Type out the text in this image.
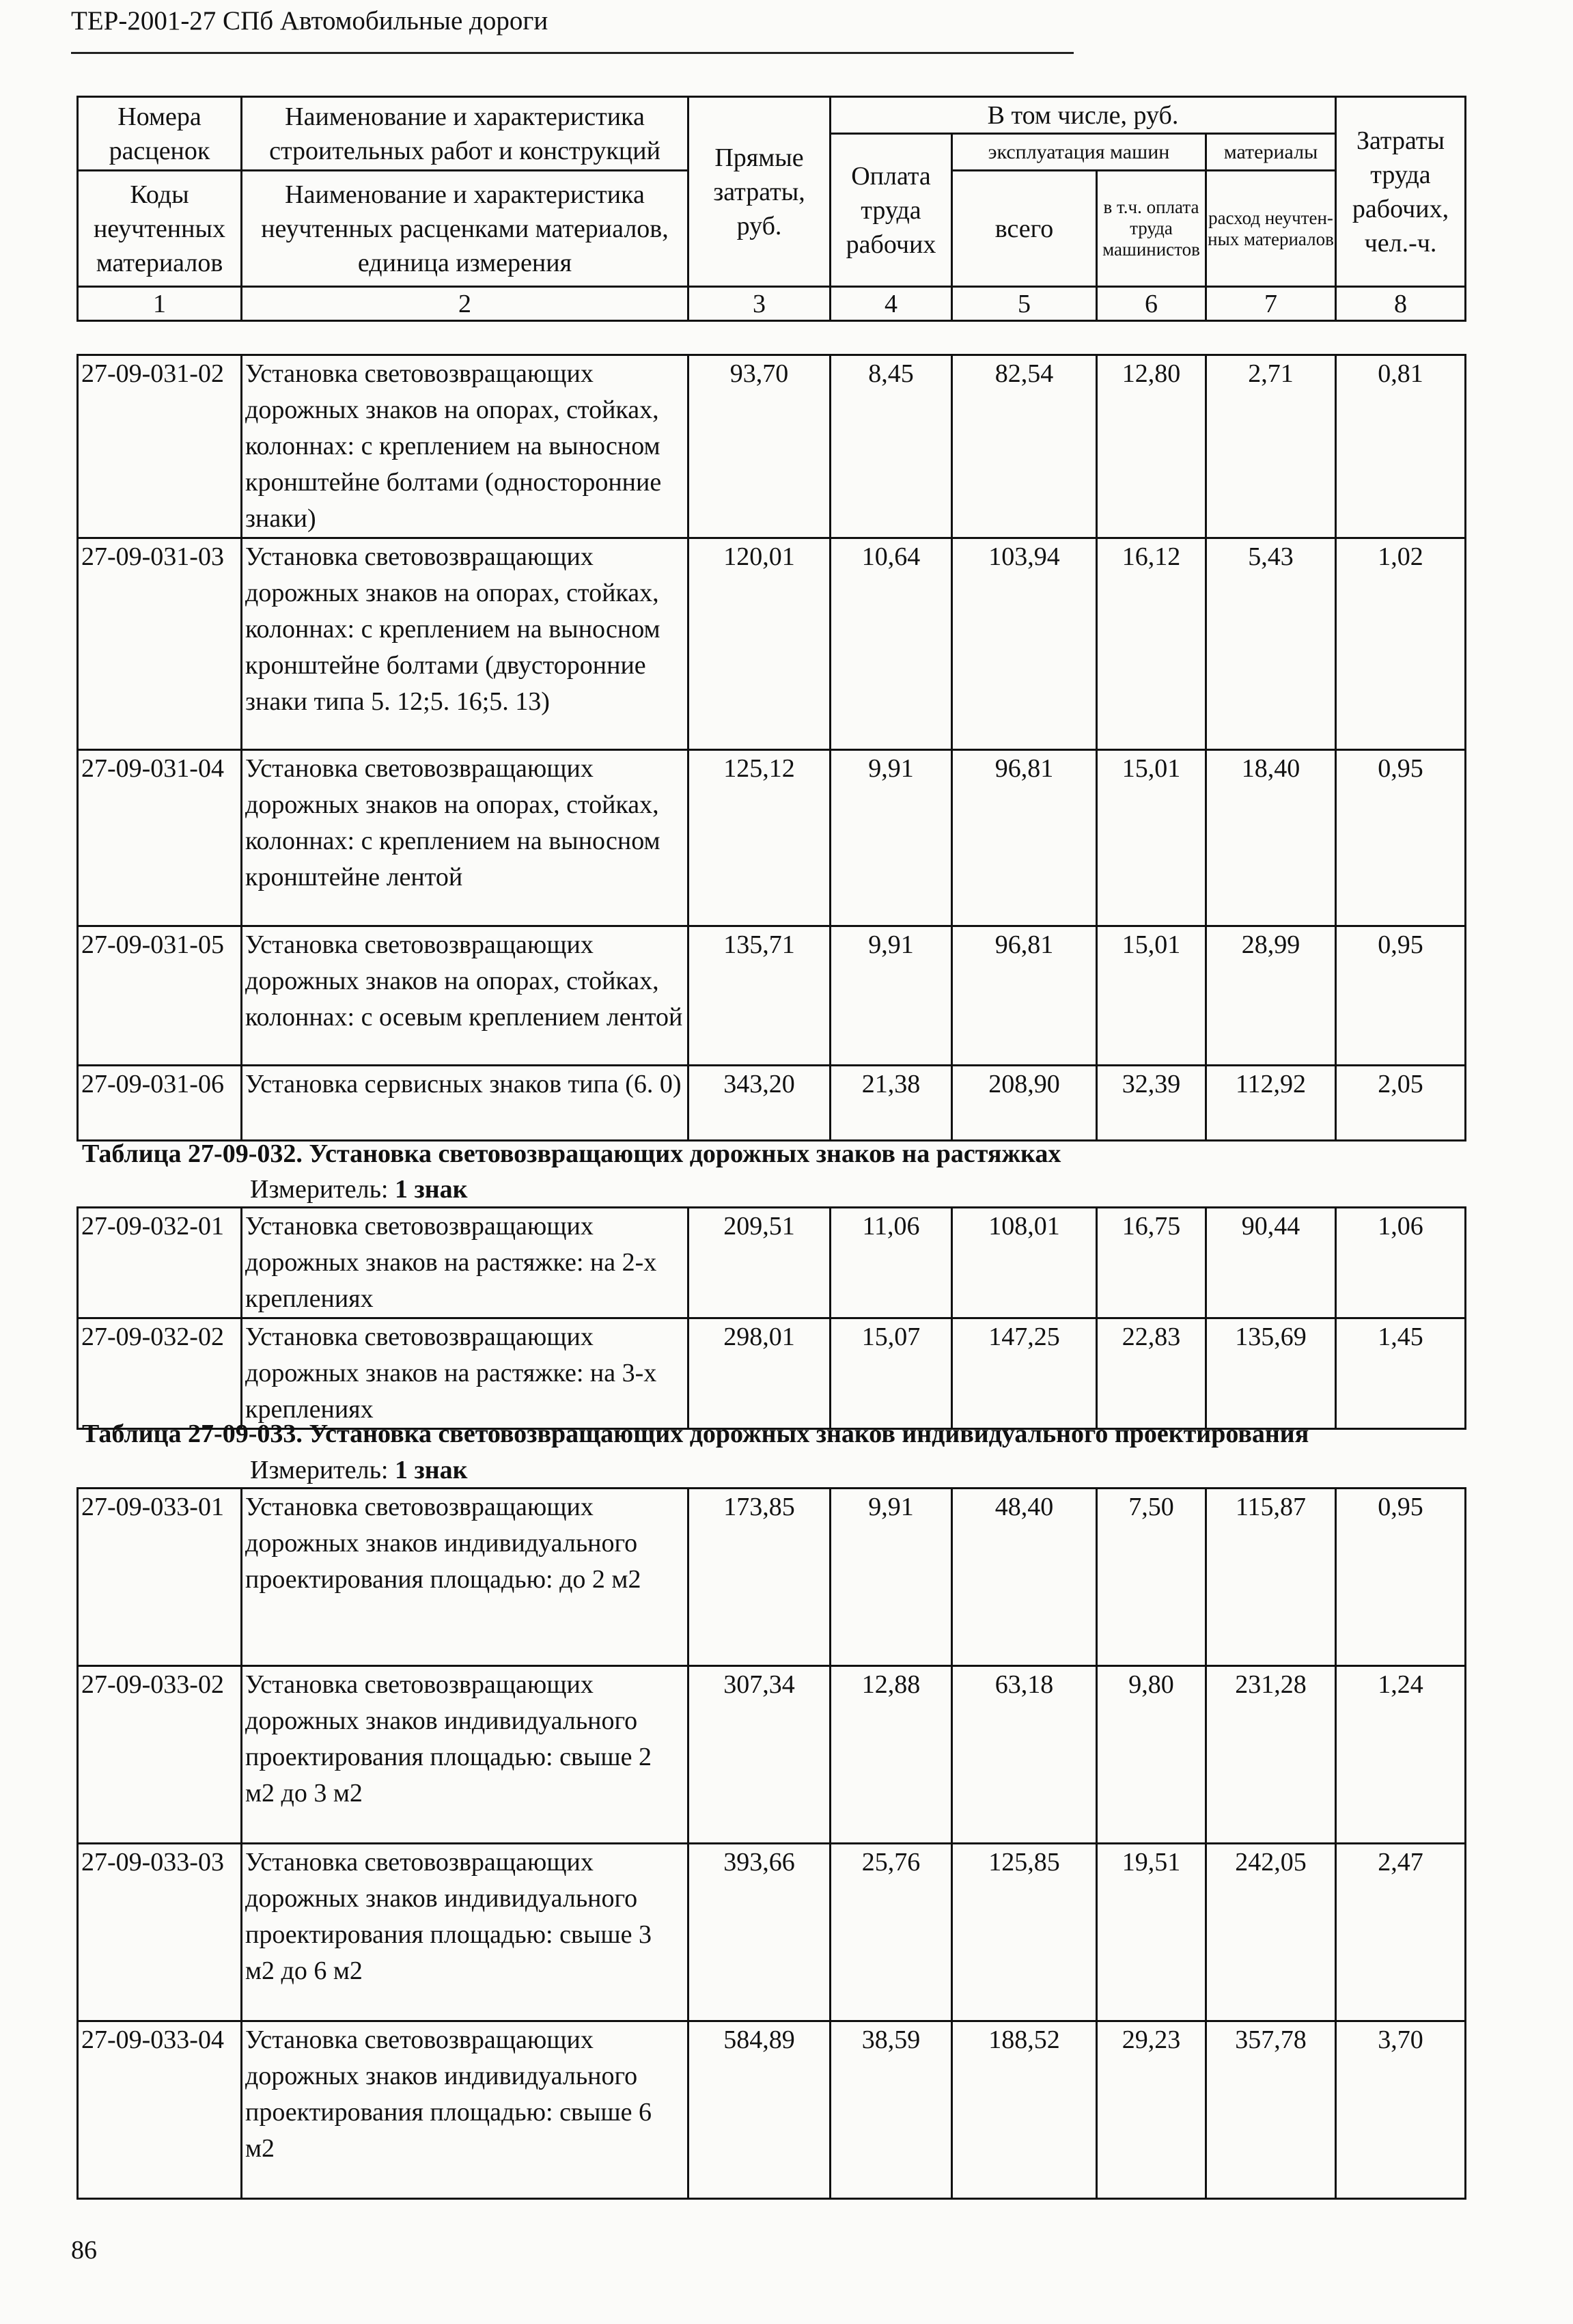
ТЕР-2001-27 СПб Автомобильные дороги
Номера расценок	Наименование и характеристика строительных работ и конструкций	Прямые затраты, руб.	В том числе, руб.				Затраты труда рабочих, чел.-ч.
			Оплата труда рабочих	эксплуатация машин		материалы	
Коды неучтенных материалов	Наименование и характеристика неучтенных расценками материалов, единица измерения			всего	в т.ч. оплата труда машинистов	расход неучтен-ных материалов	

1	2	3	4	5	6	7	8
27-09-031-02	Установка световозвращающих дорожных знаков на опорах, стойках, колоннах: с креплением на выносном кронштейне болтами (односторонние знаки)	93,70	8,45	82,54	12,80	2,71	0,81
27-09-031-03	Установка световозвращающих дорожных знаков на опорах, стойках, колоннах: с креплением на выносном кронштейне болтами (двусторонние знаки типа 5. 12;5. 16;5. 13)	120,01	10,64	103,94	16,12	5,43	1,02
27-09-031-04	Установка световозвращающих дорожных знаков на опорах, стойках, колоннах: с креплением на выносном кронштейне лентой	125,12	9,91	96,81	15,01	18,40	0,95
27-09-031-05	Установка световозвращающих дорожных знаков на опорах, стойках, колоннах: с осевым креплением лентой	135,71	9,91	96,81	15,01	28,99	0,95
27-09-031-06	Установка сервисных знаков типа (6. 0)	343,20	21,38	208,90	32,39	112,92	2,05
Таблица 27-09-032. Установка световозвращающих дорожных знаков на растяжках
Измеритель: 1 знак
27-09-032-01	Установка световозвращающих дорожных знаков на растяжке: на 2-х креплениях	209,51	11,06	108,01	16,75	90,44	1,06
27-09-032-02	Установка световозвращающих дорожных знаков на растяжке: на 3-х креплениях	298,01	15,07	147,25	22,83	135,69	1,45
Таблица 27-09-033. Установка световозвращающих дорожных знаков индивидуального проектирования
Измеритель: 1 знак
27-09-033-01	Установка световозвращающих дорожных знаков индивидуального проектирования площадью: до 2 м2	173,85	9,91	48,40	7,50	115,87	0,95
27-09-033-02	Установка световозвращающих дорожных знаков индивидуального проектирования площадью: свыше 2 м2 до 3 м2	307,34	12,88	63,18	9,80	231,28	1,24
27-09-033-03	Установка световозвращающих дорожных знаков индивидуального проектирования площадью: свыше 3 м2 до 6 м2	393,66	25,76	125,85	19,51	242,05	2,47
27-09-033-04	Установка световозвращающих дорожных знаков индивидуального проектирования площадью: свыше 6 м2	584,89	38,59	188,52	29,23	357,78	3,70
86
